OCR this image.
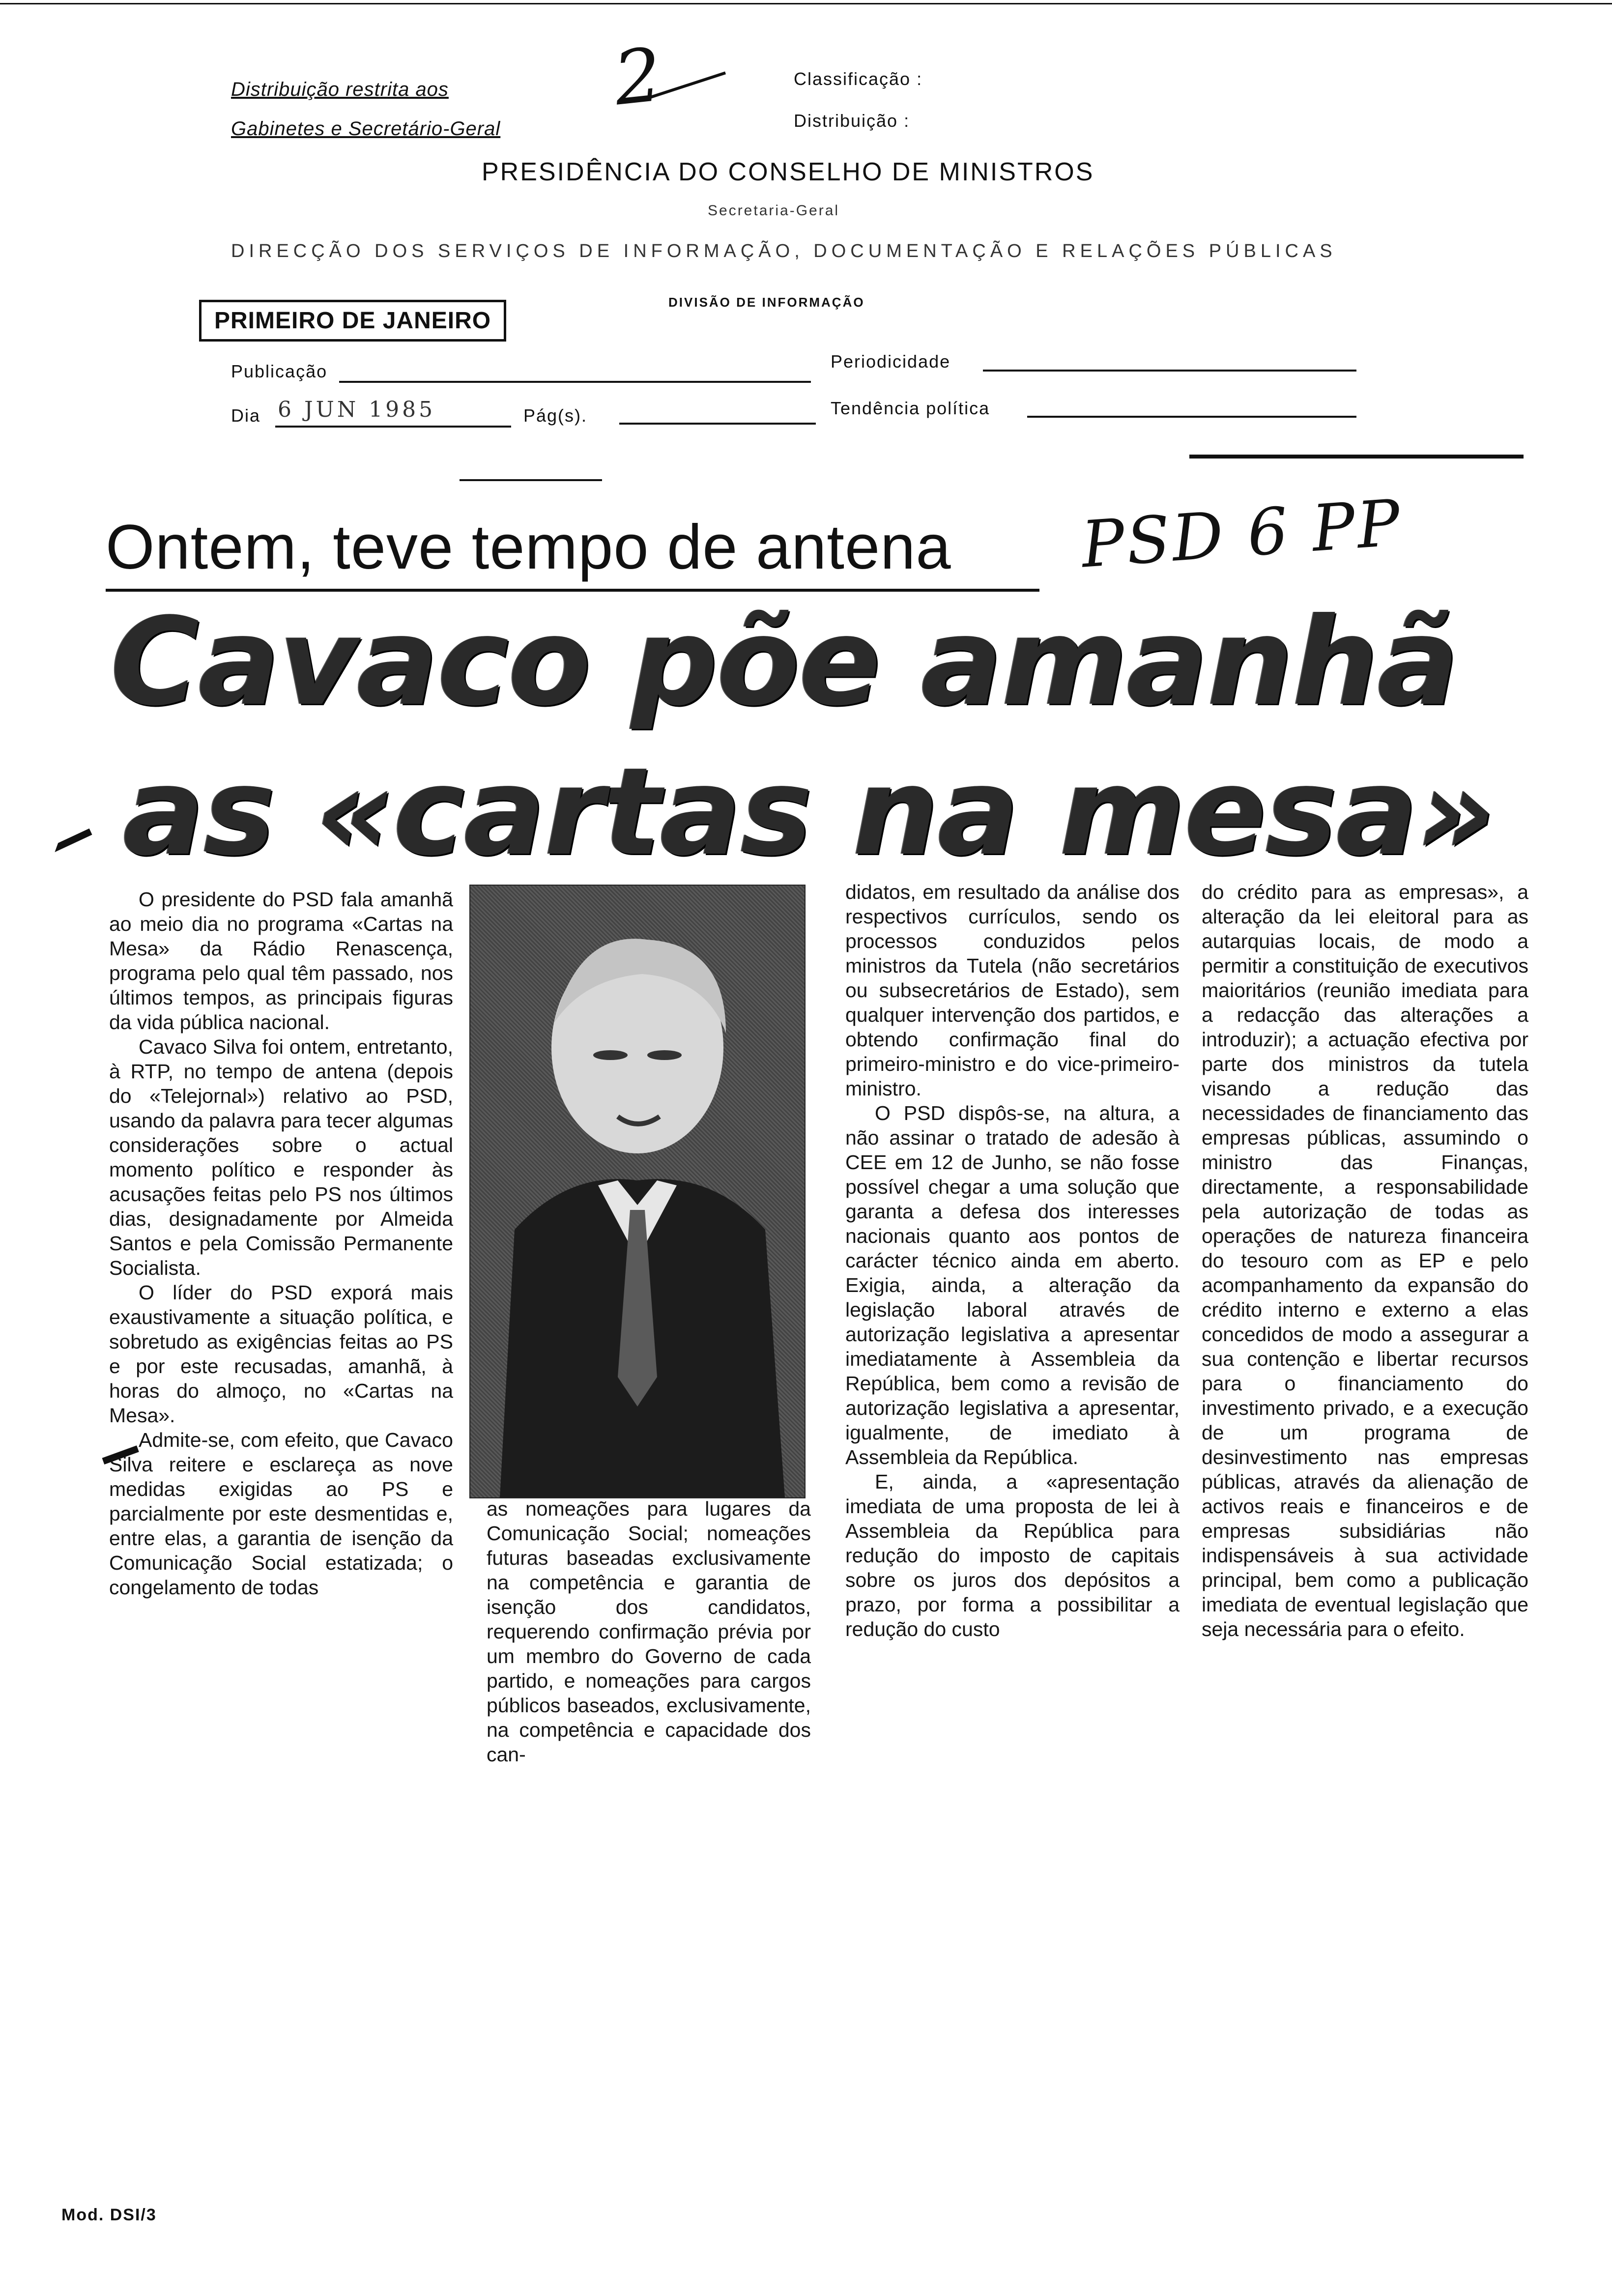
Distribuição restrita aos
Gabinetes e Secretário-Geral
2	Classificação :
Distribuição :
PRESIDÊNCIA DO CONSELHO DE MINISTROS
Secretaria-Geral
DIRECÇÃO DOS SERVIÇOS DE INFORMAÇÃO, DOCUMENTAÇÃO E RELAÇÕES PÚBLICAS
DIVISÃO DE INFORMAÇÃO
PRIMEIRO DE JANEIRO
Publicação	Periodicidade
Dia 6 JUN 1985	Pág(s).	Tendência política
Ontem, teve tempo de antena PSD 6 PP
Cavaco põe amanhã
as «cartas na mesa»

O presidente do PSD fala amanhã ao meio dia no programa «Cartas na Mesa» da Rádio Renascença, programa pelo qual têm passado, nos últimos tempos, as principais figuras da vida pública nacional.

Cavaco Silva foi ontem, entretanto, à RTP, no tempo de antena (depois do «Telejornal») relativo ao PSD, usando da palavra para tecer algumas considerações sobre o actual momento político e responder às acusações feitas pelo PS nos últimos dias, designadamente por Almeida Santos e pela Comissão Permanente Socialista.

O líder do PSD exporá mais exaustivamente a situação política, e sobretudo as exigências feitas ao PS e por este recusadas, amanhã, à horas do almoço, no «Cartas na Mesa».

Admite-se, com efeito, que Cavaco Silva reitere e esclareça as nove medidas exigidas ao PS e parcialmente por este desmentidas e, entre elas, a garantia de isenção da Comunicação Social estatizada; o congelamento de todas

as nomeações para lugares da Comunicação Social; nomeações futuras baseadas exclusivamente na competência e garantia de isenção dos candidatos, requerendo confirmação prévia por um membro do Governo de cada partido, e nomeações para cargos públicos baseados, exclusivamente, na competência e capacidade dos can-

didatos, em resultado da análise dos respectivos currículos, sendo os processos conduzidos pelos ministros da Tutela (não secretários ou subsecretários de Estado), sem qualquer intervenção dos partidos, e obtendo confirmação final do primeiro-ministro e do vice-primeiro-ministro.

O PSD dispôs-se, na altura, a não assinar o tratado de adesão à CEE em 12 de Junho, se não fosse possível chegar a uma solução que garanta a defesa dos interesses nacionais quanto aos pontos de carácter técnico ainda em aberto. Exigia, ainda, a alteração da legislação laboral através de autorização legislativa a apresentar imediatamente à Assembleia da República, bem como a revisão de autorização legislativa a apresentar, igualmente, de imediato à Assembleia da República.

E, ainda, a «apresentação imediata de uma proposta de lei à Assembleia da República para redução do imposto de capitais sobre os juros dos depósitos a prazo, por forma a possibilitar a redução do custo

do crédito para as empresas», a alteração da lei eleitoral para as autarquias locais, de modo a permitir a constituição de executivos maioritários (reunião imediata para a redacção das alterações a introduzir); a actuação efectiva por parte dos ministros da tutela visando a redução das necessidades de financiamento das empresas públicas, assumindo o ministro das Finanças, directamente, a responsabilidade pela autorização de todas as operações de natureza financeira do tesouro com as EP e pelo acompanhamento da expansão do crédito interno e externo a elas concedidos de modo a assegurar a sua contenção e libertar recursos para o financiamento do investimento privado, e a execução de um programa de desinvestimento nas empresas públicas, através da alienação de activos reais e financeiros e de empresas subsidiárias não indispensáveis à sua actividade principal, bem como a publicação imediata de eventual legislação que seja necessária para o efeito.

Mod. DSI/3
